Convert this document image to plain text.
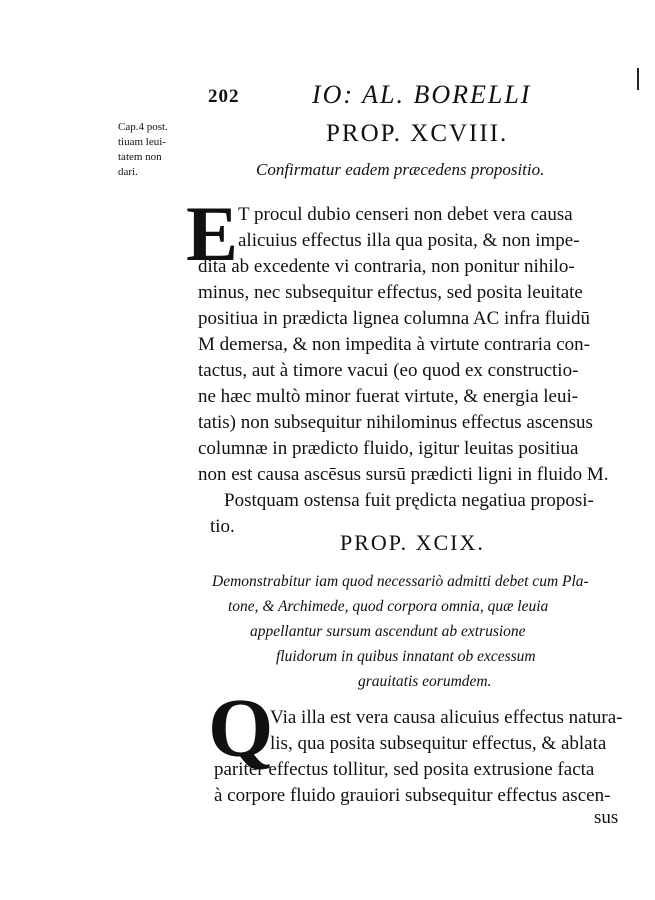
202	IO: AL. BORELLI
Cap.4 post.
tiuam leui-
tatem non
dari.
PROP. XCVIII.
Confirmatur eadem præcedens propositio.
E T procul dubio censeri non debet vera causa
alicuius effectus illa qua posita, & non impe-
dita ab excedente vi contraria, non ponitur nihilo-
minus, nec subsequitur effectus, sed posita leuitate
positiua in prædicta lignea columna AC infra fluidū
M demersa, & non impedita à virtute contraria con-
tactus, aut à timore vacui (eo quod ex constructio-
ne hæc multò minor fuerat virtute, & energia leui-
tatis) non subsequitur nihilominus effectus ascensus
columnæ in prædicto fluido, igitur leuitas positiua
non est causa ascēsus sursū prædicti ligni in fluido M.
Postquam ostensa fuit prędicta negatiua proposi-
tio.
PROP. XCIX.
Demonstrabitur iam quod necessariò admitti debet cum Pla-
tone, & Archimede, quod corpora omnia, quæ leuia
appellantur sursum ascendunt ab extrusione
fluidorum in quibus innatant ob excessum
grauitatis eorumdem.
Q
Via illa est vera causa alicuius effectus natura-
lis, qua posita subsequitur effectus, & ablata
pariter effectus tollitur, sed posita extrusione facta
à corpore fluido grauiori subsequitur effectus ascen-
sus
